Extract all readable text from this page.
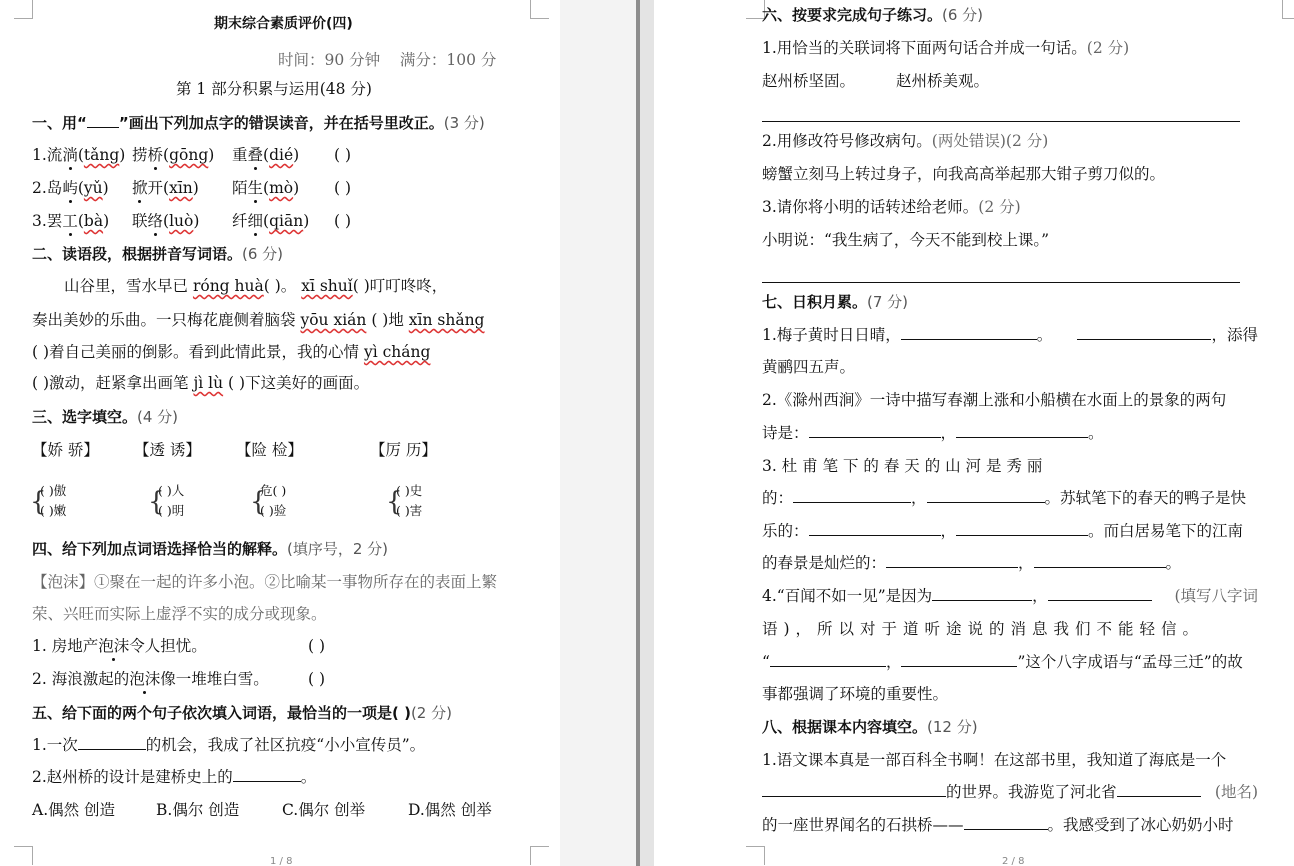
期末综合素质评价(四)
时间：90 分钟 满分：100 分
第 1 部分积累与运用(48 分)
一、用“ ”画出下列加点字的错误读音，并在括号里改正。(3 分)
1.流淌(tǎng) 捞桥(gōng) 重叠(dié) ( )
2.岛屿(yǔ) 掀开(xīn) 陌生(mò) ( )
3.罢工(bà) 联络(luò) 纤细(qiān) ( )
二、读语段，根据拼音写词语。(6 分)
山谷里，雪水早已 róng huà( )。 xī shuǐ( )叮叮咚咚，
奏出美妙的乐曲。一只梅花鹿侧着脑袋 yōu xián ( )地 xīn shǎng
( )着自己美丽的倒影。看到此情此景，我的心情 yì cháng
( )激动，赶紧拿出画笔 jì lù ( )下这美好的画面。
三、选字填空。(4 分)
【娇 骄】 【透 诱】 【险 检】	【厉 历】
{
( )傲
( )嫩	{
( )人
( )明	{
危( )
( )验	{
( )史
( )害
四、给下列加点词语选择恰当的解释。(填序号，2 分)
【泡沫】①聚在一起的许多小泡。②比喻某一事物所存在的表面上繁
荣、兴旺而实际上虚浮不实的成分或现象。
1. 房地产泡沫令人担忧。	( )
2. 海浪激起的泡沫像一堆堆白雪。	( )
五、给下面的两个句子依次填入词语，最恰当的一项是( )(2 分)
1.一次	的机会，我成了社区抗疫“小小宣传员”。
2.赵州桥的设计是建桥史上的	。
A.偶然 创造	B.偶尔 创造	C.偶尔 创举	D.偶然 创举
1 / 8
六、按要求完成句子练习。(6 分)
1.用恰当的关联词将下面两句话合并成一句话。(2 分)
赵州桥坚固。	赵州桥美观。
2.用修改符号修改病句。(两处错误)(2 分)
螃蟹立刻马上转过身子，向我高高举起那大钳子剪刀似的。
3.请你将小明的话转述给老师。(2 分)
小明说：“我生病了，今天不能到校上课。”
七、日积月累。(7 分)
1.梅子黄时日日晴，	。	，添得
黄鹂四五声。
2.《滁州西涧》一诗中描写春潮上涨和小船横在水面上的景象的两句
诗是：	，	。
3. 杜 甫 笔 下 的 春 天 的 山 河 是 秀 丽
的：	，	。苏轼笔下的春天的鸭子是快
乐的：	，	。而白居易笔下的江南
的春景是灿烂的：	，	。
4.“百闻不如一见”是因为	，	(填写八字词
语)，所以对于道听途说的消息我们不能轻信。
“	，	”这个八字成语与“孟母三迁”的故
事都强调了环境的重要性。
八、根据课本内容填空。(12 分)
1.语文课本真是一部百科全书啊！在这部书里，我知道了海底是一个
的世界。我游览了河北省	(地名)
的一座世界闻名的石拱桥——	。我感受到了冰心奶奶小时
2 / 8
